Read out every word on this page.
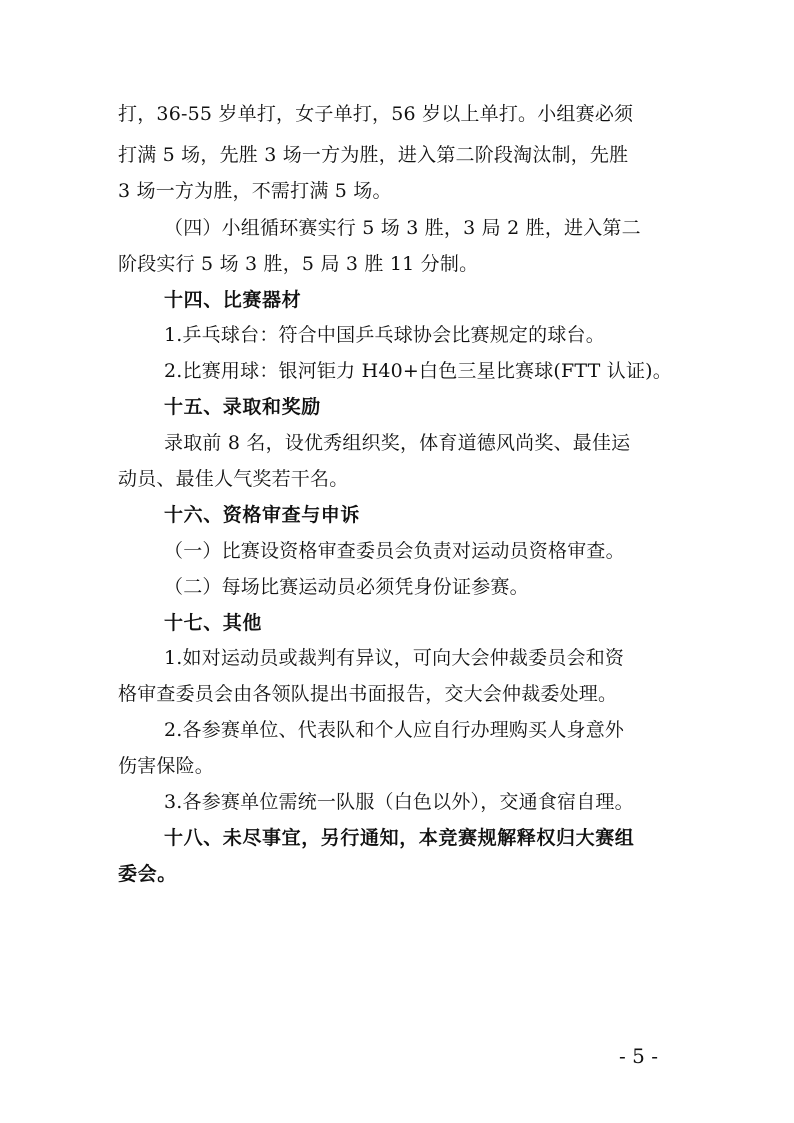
打，36-55 岁单打，女子单打，56 岁以上单打。小组赛必须
打满 5 场，先胜 3 场一方为胜，进入第二阶段淘汰制，先胜
3 场一方为胜，不需打满 5 场。
（四）小组循环赛实行 5 场 3 胜，3 局 2 胜，进入第二
阶段实行 5 场 3 胜，5 局 3 胜 11 分制。
十四、比赛器材
1.乒乓球台：符合中国乒乓球协会比赛规定的球台。
2.比赛用球：银河钜力 H40+白色三星比赛球(FTT 认证)。
十五、录取和奖励
录取前 8 名，设优秀组织奖，体育道德风尚奖、最佳运
动员、最佳人气奖若干名。
十六、资格审查与申诉
（一）比赛设资格审查委员会负责对运动员资格审查。
（二）每场比赛运动员必须凭身份证参赛。
十七、其他
1.如对运动员或裁判有异议，可向大会仲裁委员会和资
格审查委员会由各领队提出书面报告，交大会仲裁委处理。
2.各参赛单位、代表队和个人应自行办理购买人身意外
伤害保险。
3.各参赛单位需统一队服（白色以外），交通食宿自理。
十八、未尽事宜，另行通知，本竞赛规解释权归大赛组
委会。
- 5 -
